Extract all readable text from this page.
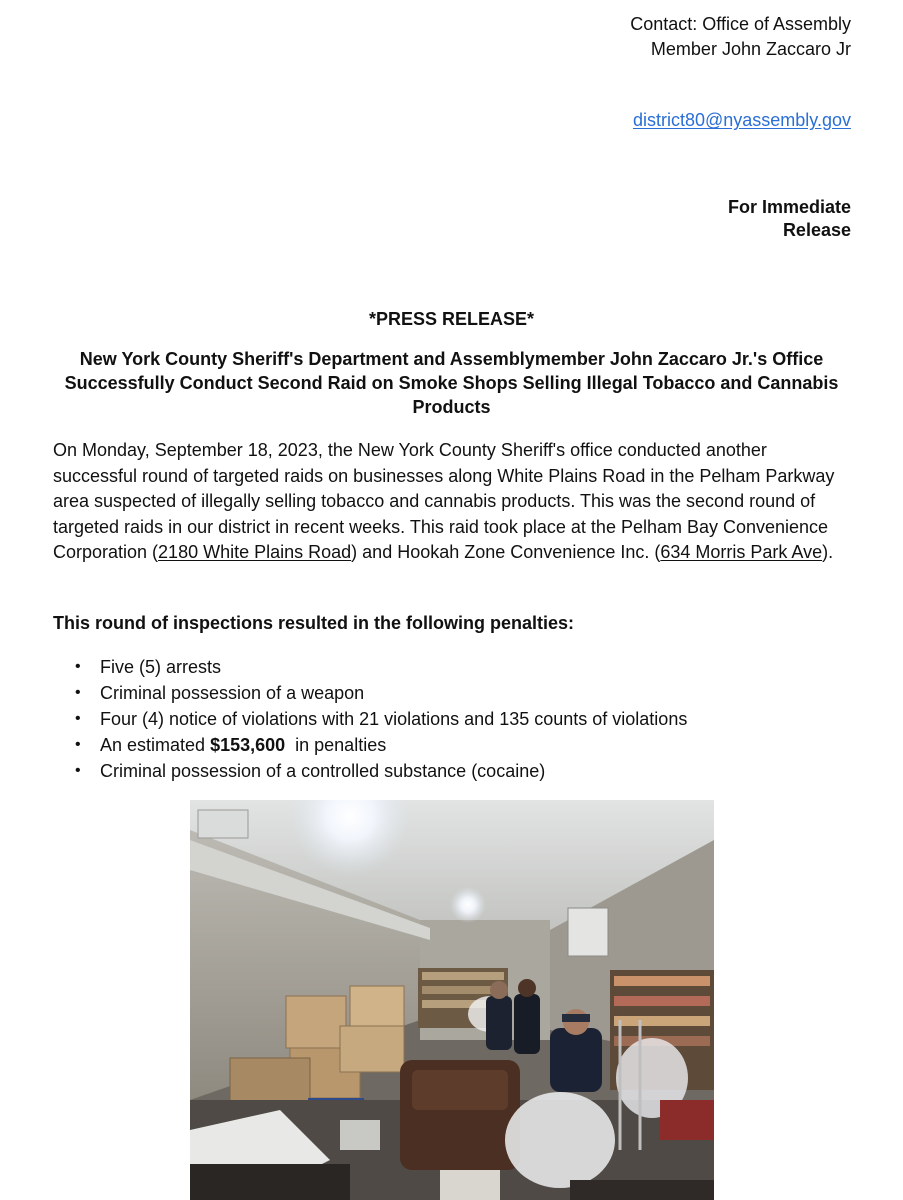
Contact: Office of Assembly
Member John Zaccaro Jr
district80@nyassembly.gov
For Immediate
Release
*PRESS RELEASE*
New York County Sheriff's Department and Assemblymember John Zaccaro Jr.'s Office Successfully Conduct Second Raid on Smoke Shops Selling Illegal Tobacco and Cannabis Products

On Monday, September 18, 2023, the New York County Sheriff's office conducted another successful round of targeted raids on businesses along White Plains Road in the Pelham Parkway area suspected of illegally selling tobacco and cannabis products. This was the second round of targeted raids in our district in recent weeks. This raid took place at the Pelham Bay Convenience Corporation (2180 White Plains Road) and Hookah Zone Convenience Inc. (634 Morris Park Ave).

This round of inspections resulted in the following penalties:
• Five (5) arrests
• Criminal possession of a weapon
• Four (4) notice of violations with 21 violations and 135 counts of violations
• An estimated $153,600  in penalties
• Criminal possession of a controlled substance (cocaine)
